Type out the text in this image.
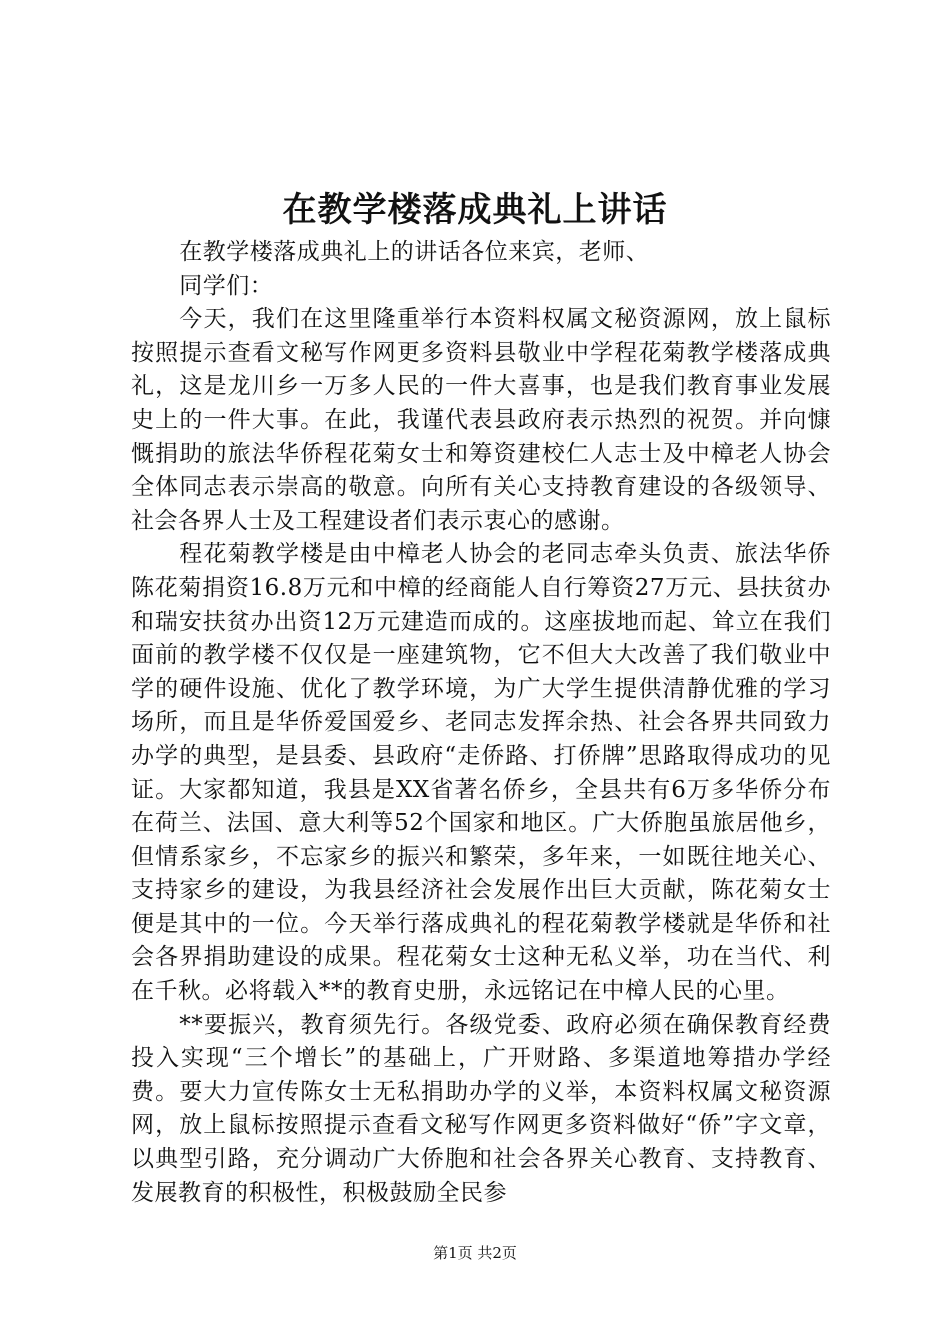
在教学楼落成典礼上讲话

在教学楼落成典礼上的讲话各位来宾，老师、

同学们：

今天，我们在这里隆重举行本资料权属文秘资源网，放上鼠标按照提示查看文秘写作网更多资料县敬业中学程花菊教学楼落成典礼，这是龙川乡一万多人民的一件大喜事，也是我们教育事业发展史上的一件大事。在此，我谨代表县政府表示热烈的祝贺。并向慷慨捐助的旅法华侨程花菊女士和筹资建校仁人志士及中樟老人协会全体同志表示崇高的敬意。向所有关心支持教育建设的各级领导、社会各界人士及工程建设者们表示衷心的感谢。

程花菊教学楼是由中樟老人协会的老同志牵头负责、旅法华侨陈花菊捐资16.8万元和中樟的经商能人自行筹资27万元、县扶贫办和瑞安扶贫办出资12万元建造而成的。这座拔地而起、耸立在我们面前的教学楼不仅仅是一座建筑物，它不但大大改善了我们敬业中学的硬件设施、优化了教学环境，为广大学生提供清静优雅的学习场所，而且是华侨爱国爱乡、老同志发挥余热、社会各界共同致力办学的典型，是县委、县政府“走侨路、打侨牌”思路取得成功的见证。大家都知道，我县是XX省著名侨乡，全县共有6万多华侨分布在荷兰、法国、意大利等52个国家和地区。广大侨胞虽旅居他乡，但情系家乡，不忘家乡的振兴和繁荣，多年来，一如既往地关心、支持家乡的建设，为我县经济社会发展作出巨大贡献，陈花菊女士便是其中的一位。今天举行落成典礼的程花菊教学楼就是华侨和社会各界捐助建设的成果。程花菊女士这种无私义举，功在当代、利在千秋。必将载入**的教育史册，永远铭记在中樟人民的心里。

**要振兴，教育须先行。各级党委、政府必须在确保教育经费投入实现“三个增长”的基础上，广开财路、多渠道地筹措办学经费。要大力宣传陈女士无私捐助办学的义举，本资料权属文秘资源网，放上鼠标按照提示查看文秘写作网更多资料做好“侨”字文章，以典型引路，充分调动广大侨胞和社会各界关心教育、支持教育、发展教育的积极性，积极鼓励全民参

第1页 共2页
